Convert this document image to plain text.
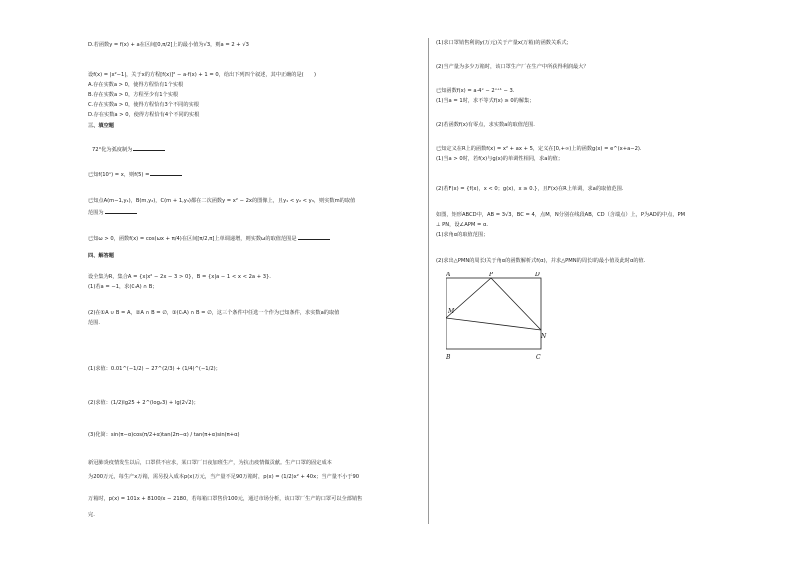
D.若函数y = f(x) + a在区间[0,π/2]上的最小值为√3，则a = 2 + √3
设f(x) = |x²−1|，关于x的方程[f(x)]² − a·f(x) + 1 = 0，给出下列四个叙述，其中正确的是(　　)
A.存在实数a > 0，使得方程恰有1个实根
B.存在实数a > 0，方程至少有1个实根
C.存在实数a > 0，使得方程恰有3个不同的实根
D.存在实数a > 0，使得方程恰有4个不同的实根
三、填空题
72°化为弧度制为
已知f(10ˣ) = x，则f(5) =
已知点A(m−1,y₁)，B(m,y₂)，C(m + 1,y₃)都在二次函数y = x² − 2x的图像上，且y₁ < y₂ < y₃，则实数m的取值
范围为
已知ω > 0，函数f(x) = cos(ωx + π/4)在区间[π/2,π]上单调递增，则实数ω的取值范围是
四、解答题
设全集为R，集合A = {x|x² − 2x − 3 > 0}，B = {x|a − 1 < x < 2a + 3}.
(1)若a = −1，求(∁ᵣA) ∩ B；
(2)在①A ∪ B = A，②A ∩ B = ∅，③(∁ᵣA) ∩ B = ∅，这三个条件中任选一个作为已知条件，求实数a的取值
范围.
(1)求值：0.01^(−1/2) − 27^(2/3) + (1/4)^(−1/2)；
(2)求值：(1/2)lg25 + 2^(log₂3) + lg(2√2)；
(3)化简：sin(π−α)cos(π/2+α)tan(2π−α) / tan(π+α)sin(π+α)
新冠肺炎疫情发生以后，口罩供不应求，某口罩厂日夜加班生产，为抗击疫情做贡献。生产口罩的固定成本
为200万元，每生产x万箱，需另投入成本p(x)万元，当产量不足90万箱时，p(x) = (1/2)x² + 40x；当产量不小于90
万箱时，p(x) = 101x + 8100/x − 2180，若每箱口罩售价100元，通过市场分析，该口罩厂生产的口罩可以全部销售
完.
(1)求口罩销售利润y(万元)关于产量x(万箱)的函数关系式；
(2)当产量为多少万箱时，该口罩生产厂在生产中所获得利润最大？
已知函数f(x) = a·4ˣ − 2ˣ⁺¹ − 3.
(1)当a = 1时，求不等式f(x) ≥ 0的解集；
(2)若函数f(x)有零点，求实数a的取值范围.
已知定义在R上的函数f(x) = x² + ax + 5，定义在[0,+∞)上的函数g(x) = e^(x+a−2).
(1)当a > 0时，若f(x)与g(x)的单调性相同，求a的值；
(2)若F(x) = {f(x)，x < 0；g(x)，x ≥ 0.}，且F(x)在R上单调，求a的取值范围.
如图，矩形ABCD中，AB = 3√3，BC = 4，点M，N分别在线段AB，CD（含端点）上，P为AD的中点，PM
⊥ PN，设∠APM = α.
(1)求角α的取值范围；
(2)求出△PMN的周长l关于角α的函数解析式f(α)，并求△PMN的周长l的最小值及此时α的值.
A	P	D
M
N
B	C
